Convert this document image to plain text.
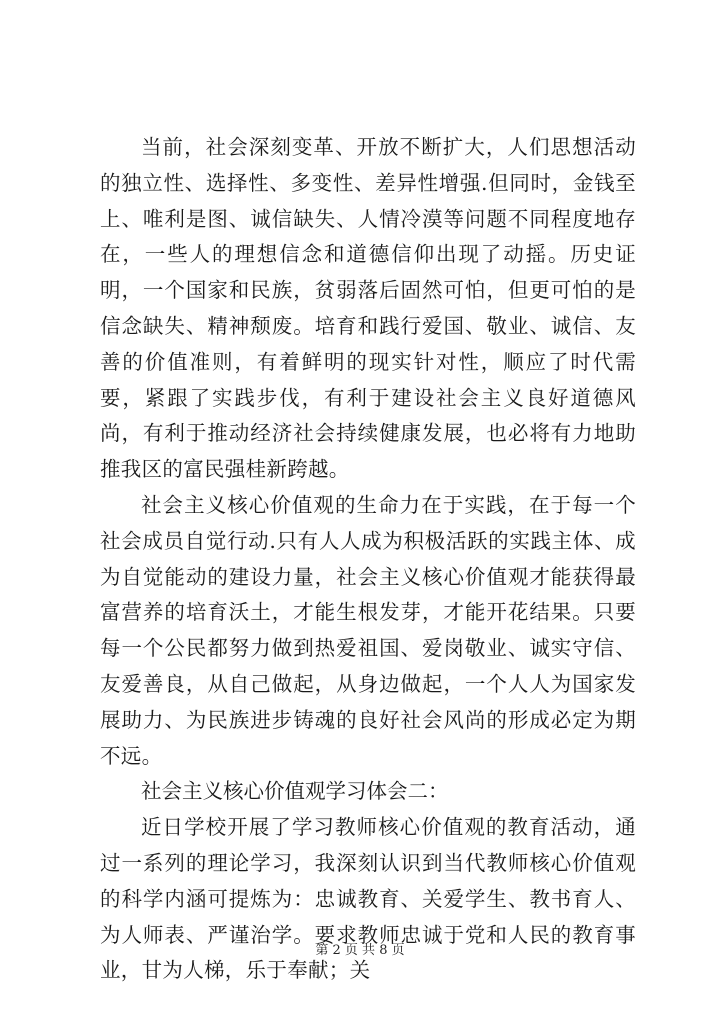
当前，社会深刻变革、开放不断扩大，人们思想活动的独立性、选择性、多变性、差异性增强.但同时，金钱至上、唯利是图、诚信缺失、人情冷漠等问题不同程度地存在，一些人的理想信念和道德信仰出现了动摇。历史证明，一个国家和民族，贫弱落后固然可怕，但更可怕的是信念缺失、精神颓废。培育和践行爱国、敬业、诚信、友善的价值准则，有着鲜明的现实针对性，顺应了时代需要，紧跟了实践步伐，有利于建设社会主义良好道德风尚，有利于推动经济社会持续健康发展，也必将有力地助推我区的富民强桂新跨越。

社会主义核心价值观的生命力在于实践，在于每一个社会成员自觉行动.只有人人成为积极活跃的实践主体、成为自觉能动的建设力量，社会主义核心价值观才能获得最富营养的培育沃土，才能生根发芽，才能开花结果。只要每一个公民都努力做到热爱祖国、爱岗敬业、诚实守信、友爱善良，从自己做起，从身边做起，一个人人为国家发展助力、为民族进步铸魂的良好社会风尚的形成必定为期不远。

社会主义核心价值观学习体会二：

近日学校开展了学习教师核心价值观的教育活动，通过一系列的理论学习，我深刻认识到当代教师核心价值观的科学内涵可提炼为：忠诚教育、关爱学生、教书育人、为人师表、严谨治学。要求教师忠诚于党和人民的教育事业，甘为人梯，乐于奉献；关

第 2 页 共 8 页
